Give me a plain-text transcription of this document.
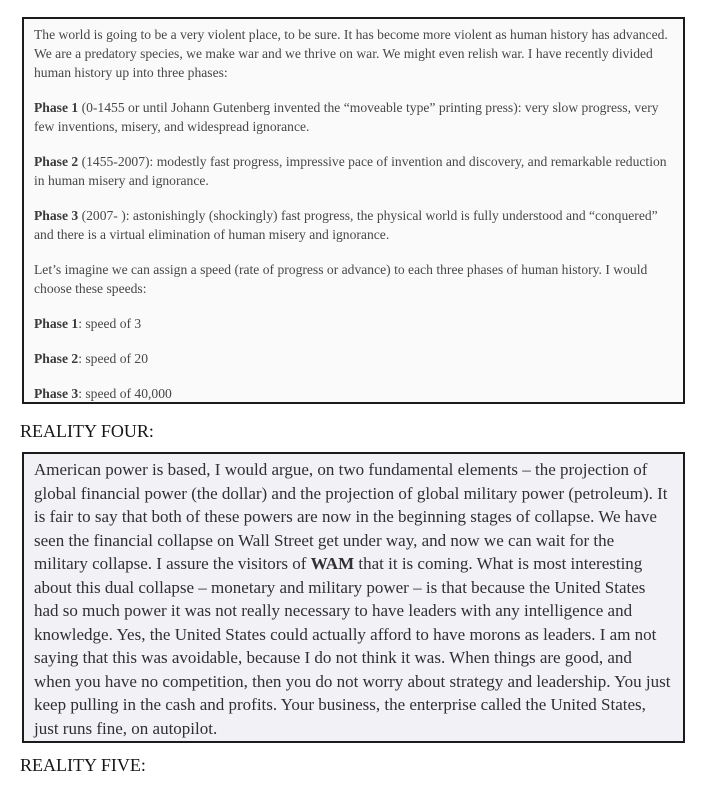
The world is going to be a very violent place, to be sure. It has become more violent as human history has advanced. We are a predatory species, we make war and we thrive on war. We might even relish war. I have recently divided human history up into three phases:

Phase 1 (0-1455 or until Johann Gutenberg invented the “moveable type” printing press): very slow progress, very few inventions, misery, and widespread ignorance.

Phase 2 (1455-2007): modestly fast progress, impressive pace of invention and discovery, and remarkable reduction in human misery and ignorance.

Phase 3 (2007- ): astonishingly (shockingly) fast progress, the physical world is fully understood and “conquered” and there is a virtual elimination of human misery and ignorance.

Let’s imagine we can assign a speed (rate of progress or advance) to each three phases of human history. I would choose these speeds:

Phase 1: speed of 3

Phase 2: speed of 20

Phase 3: speed of 40,000

REALITY FOUR:

American power is based, I would argue, on two fundamental elements – the projection of global financial power (the dollar) and the projection of global military power (petroleum). It is fair to say that both of these powers are now in the beginning stages of collapse. We have seen the financial collapse on Wall Street get under way, and now we can wait for the military collapse. I assure the visitors of WAM that it is coming. What is most interesting about this dual collapse – monetary and military power – is that because the United States had so much power it was not really necessary to have leaders with any intelligence and knowledge. Yes, the United States could actually afford to have morons as leaders. I am not saying that this was avoidable, because I do not think it was. When things are good, and when you have no competition, then you do not worry about strategy and leadership. You just keep pulling in the cash and profits. Your business, the enterprise called the United States, just runs fine, on autopilot.

REALITY FIVE:
